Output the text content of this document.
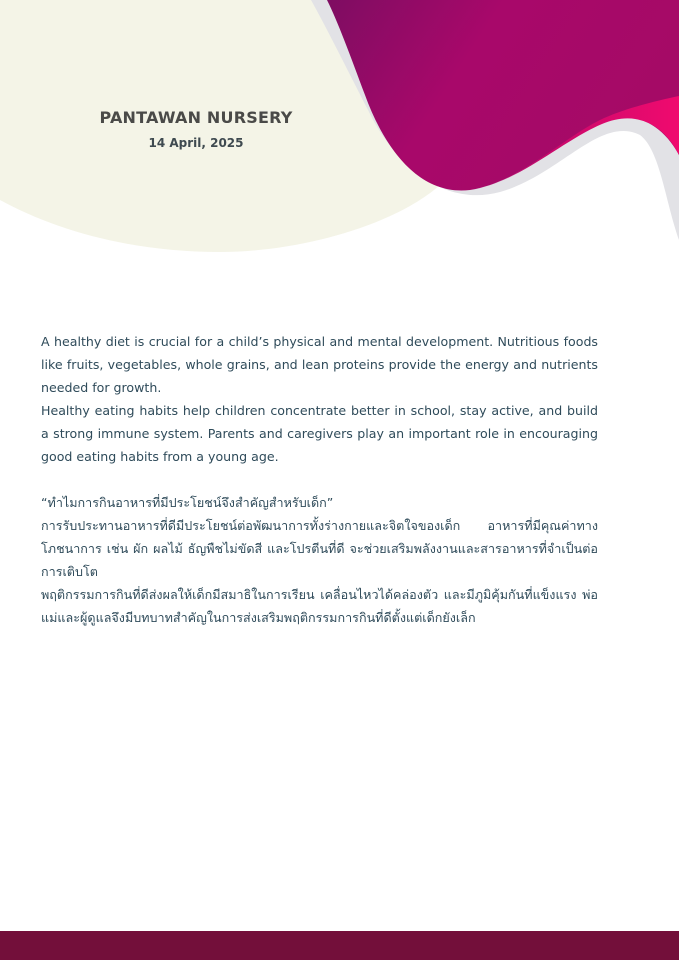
PANTAWAN NURSERY
14 April, 2025

A healthy diet is crucial for a child’s physical and mental development. Nutritious foods like fruits, vegetables, whole grains, and lean proteins provide the energy and nutrients needed for growth.

Healthy eating habits help children concentrate better in school, stay active, and build a strong immune system. Parents and caregivers play an important role in encouraging good eating habits from a young age.

“ทำไมการกินอาหารที่มีประโยชน์จึงสำคัญสำหรับเด็ก”

การรับประทานอาหารที่ดีมีประโยชน์ต่อพัฒนาการทั้งร่างกายและจิตใจของเด็ก อาหารที่มีคุณค่าทางโภชนาการ เช่น ผัก ผลไม้ ธัญพืชไม่ขัดสี และโปรตีนที่ดี จะช่วยเสริมพลังงานและสารอาหารที่จำเป็นต่อการเติบโต

พฤติกรรมการกินที่ดีส่งผลให้เด็กมีสมาธิในการเรียน เคลื่อนไหวได้คล่องตัว และมีภูมิคุ้มกันที่แข็งแรง พ่อแม่และผู้ดูแลจึงมีบทบาทสำคัญในการส่งเสริมพฤติกรรมการกินที่ดีตั้งแต่เด็กยังเล็ก
